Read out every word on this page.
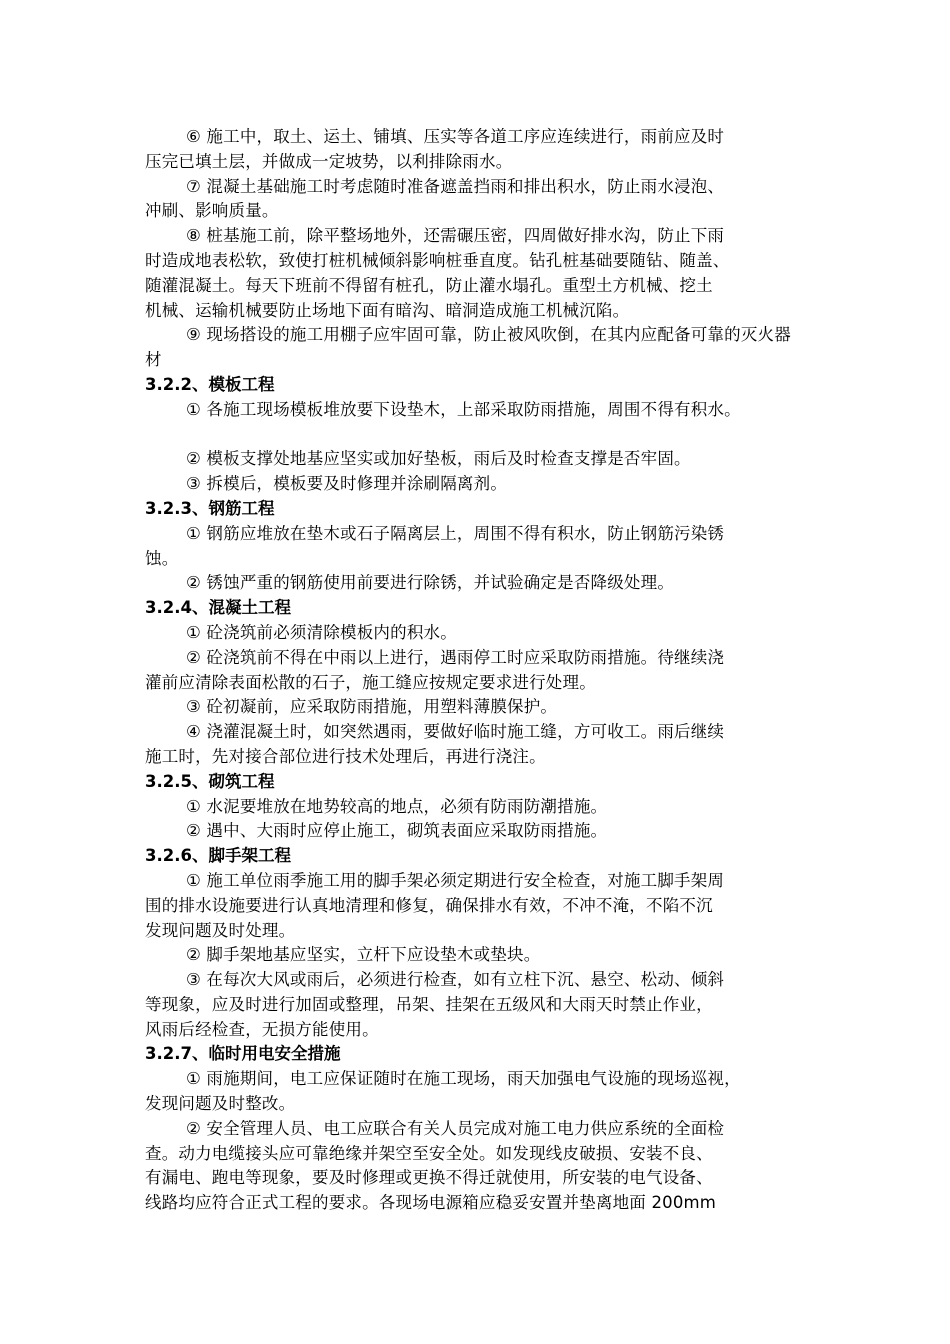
⑥ 施工中，取土、运土、铺填、压实等各道工序应连续进行，雨前应及时
压完已填土层，并做成一定坡势，以利排除雨水。
⑦ 混凝土基础施工时考虑随时准备遮盖挡雨和排出积水，防止雨水浸泡、
冲刷、影响质量。
⑧ 桩基施工前，除平整场地外，还需碾压密，四周做好排水沟，防止下雨
时造成地表松软，致使打桩机械倾斜影响桩垂直度。钻孔桩基础要随钻、随盖、
随灌混凝土。每天下班前不得留有桩孔，防止灌水塌孔。重型土方机械、挖土
机械、运输机械要防止场地下面有暗沟、暗洞造成施工机械沉陷。
⑨ 现场搭设的施工用棚子应牢固可靠，防止被风吹倒，在其内应配备可靠的灭火器
材
3.2.2、模板工程
① 各施工现场模板堆放要下设垫木，上部采取防雨措施，周围不得有积水。
② 模板支撑处地基应坚实或加好垫板，雨后及时检查支撑是否牢固。
③ 拆模后，模板要及时修理并涂刷隔离剂。
3.2.3、钢筋工程
① 钢筋应堆放在垫木或石子隔离层上，周围不得有积水，防止钢筋污染锈
蚀。
② 锈蚀严重的钢筋使用前要进行除锈，并试验确定是否降级处理。
3.2.4、混凝土工程
① 砼浇筑前必须清除模板内的积水。
② 砼浇筑前不得在中雨以上进行，遇雨停工时应采取防雨措施。待继续浇
灌前应清除表面松散的石子，施工缝应按规定要求进行处理。
③ 砼初凝前，应采取防雨措施，用塑料薄膜保护。
④ 浇灌混凝土时，如突然遇雨，要做好临时施工缝，方可收工。雨后继续
施工时，先对接合部位进行技术处理后，再进行浇注。
3.2.5、砌筑工程
① 水泥要堆放在地势较高的地点，必须有防雨防潮措施。
② 遇中、大雨时应停止施工，砌筑表面应采取防雨措施。
3.2.6、脚手架工程
① 施工单位雨季施工用的脚手架必须定期进行安全检查，对施工脚手架周
围的排水设施要进行认真地清理和修复，确保排水有效，不冲不淹，不陷不沉
发现问题及时处理。
② 脚手架地基应坚实，立杆下应设垫木或垫块。
③ 在每次大风或雨后，必须进行检查，如有立柱下沉、悬空、松动、倾斜
等现象，应及时进行加固或整理，吊架、挂架在五级风和大雨天时禁止作业，
风雨后经检查，无损方能使用。
3.2.7、临时用电安全措施
① 雨施期间，电工应保证随时在施工现场，雨天加强电气设施的现场巡视，
发现问题及时整改。
② 安全管理人员、电工应联合有关人员完成对施工电力供应系统的全面检
查。动力电缆接头应可靠绝缘并架空至安全处。如发现线皮破损、安装不良、
有漏电、跑电等现象，要及时修理或更换不得迁就使用，所安装的电气设备、
线路均应符合正式工程的要求。各现场电源箱应稳妥安置并垫离地面 200mm
